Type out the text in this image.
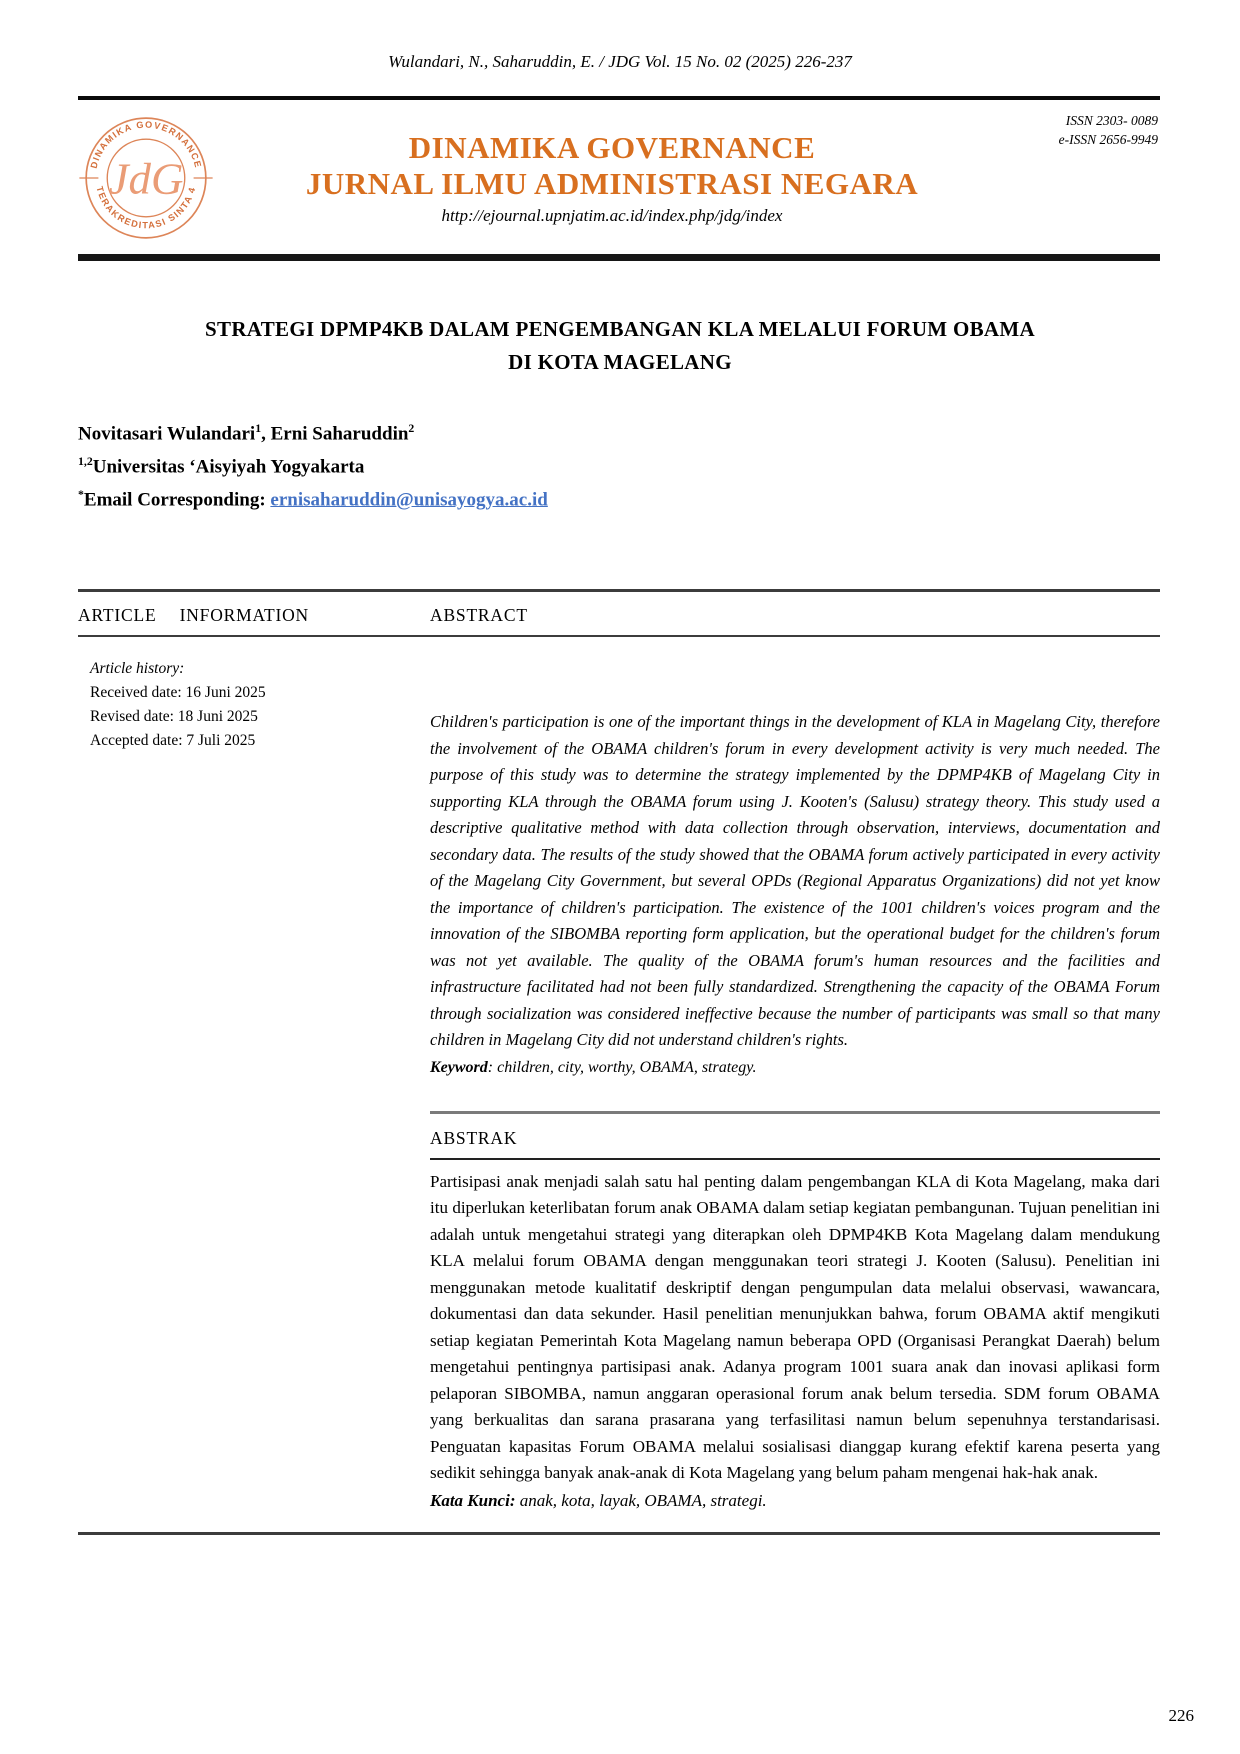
Wulandari, N., Saharuddin, E. / JDG Vol. 15 No. 02 (2025) 226-237
ISSN 2303- 0089
e-ISSN 2656-9949
DINAMIKA GOVERNANCE
TERAKREDITASI SINTA 4
JdG
DINAMIKA GOVERNANCE
JURNAL ILMU ADMINISTRASI NEGARA
http://ejournal.upnjatim.ac.id/index.php/jdg/index
STRATEGI DPMP4KB DALAM PENGEMBANGAN KLA MELALUI FORUM OBAMA
DI KOTA MAGELANG
Novitasari Wulandari$^1$, Erni Saharuddin$^2$
$^{1,2}$Universitas ‘Aisyiyah Yogyakarta
*Email Corresponding: ernisaharuddin@unisayogya.ac.id
ARTICLE INFORMATION	ABSTRACT
Article history:
Received date: 16 Juni 2025
Revised date: 18 Juni 2025
Accepted date: 7 Juli 2025

Children's participation is one of the important things in the development of KLA in Magelang City, therefore the involvement of the OBAMA children's forum in every development activity is very much needed. The purpose of this study was to determine the strategy implemented by the DPMP4KB of Magelang City in supporting KLA through the OBAMA forum using J. Kooten's (Salusu) strategy theory. This study used a descriptive qualitative method with data collection through observation, interviews, documentation and secondary data. The results of the study showed that the OBAMA forum actively participated in every activity of the Magelang City Government, but several OPDs (Regional Apparatus Organizations) did not yet know the importance of children's participation. The existence of the 1001 children's voices program and the innovation of the SIBOMBA reporting form application, but the operational budget for the children's forum was not yet available. The quality of the OBAMA forum's human resources and the facilities and infrastructure facilitated had not been fully standardized. Strengthening the capacity of the OBAMA Forum through socialization was considered ineffective because the number of participants was small so that many children in Magelang City did not understand children's rights.

Keyword: children, city, worthy, OBAMA, strategy.
ABSTRAK

Partisipasi anak menjadi salah satu hal penting dalam pengembangan KLA di Kota Magelang, maka dari itu diperlukan keterlibatan forum anak OBAMA dalam setiap kegiatan pembangunan. Tujuan penelitian ini adalah untuk mengetahui strategi yang diterapkan oleh DPMP4KB Kota Magelang dalam mendukung KLA melalui forum OBAMA dengan menggunakan teori strategi J. Kooten (Salusu). Penelitian ini menggunakan metode kualitatif deskriptif dengan pengumpulan data melalui observasi, wawancara, dokumentasi dan data sekunder. Hasil penelitian menunjukkan bahwa, forum OBAMA aktif mengikuti setiap kegiatan Pemerintah Kota Magelang namun beberapa OPD (Organisasi Perangkat Daerah) belum mengetahui pentingnya partisipasi anak. Adanya program 1001 suara anak dan inovasi aplikasi form pelaporan SIBOMBA, namun anggaran operasional forum anak belum tersedia. SDM forum OBAMA yang berkualitas dan sarana prasarana yang terfasilitasi namun belum sepenuhnya terstandarisasi. Penguatan kapasitas Forum OBAMA melalui sosialisasi dianggap kurang efektif karena peserta yang sedikit sehingga banyak anak-anak di Kota Magelang yang belum paham mengenai hak-hak anak.

Kata Kunci: anak, kota, layak, OBAMA, strategi.
226
